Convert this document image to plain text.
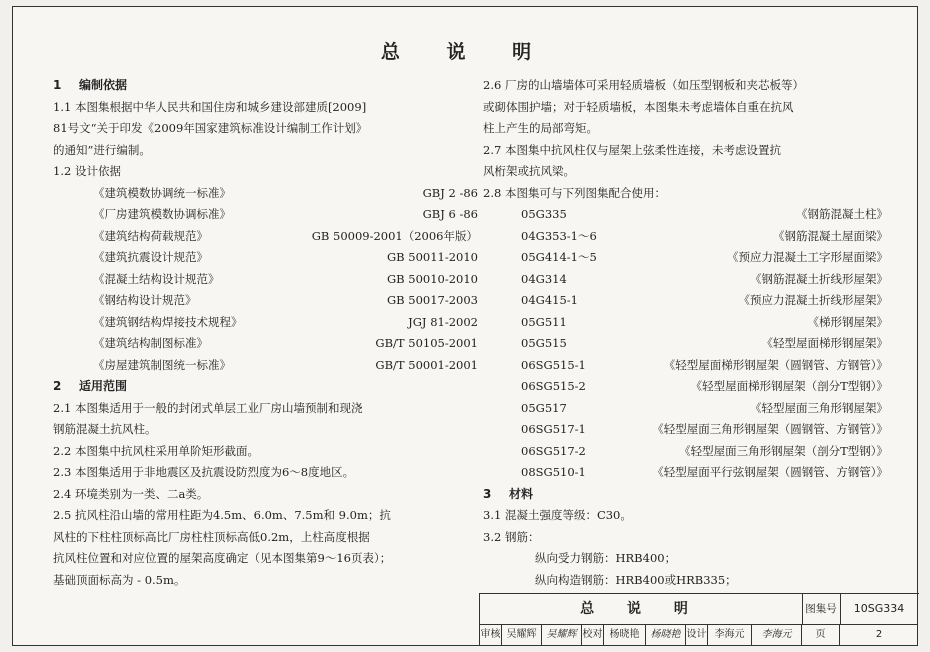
总 说 明
1 编制依据
1.1 本图集根据中华人民共和国住房和城乡建设部建质[2009]
81号文“关于印发《2009年国家建筑标准设计编制工作计划》
的通知”进行编制。
1.2 设计依据
《建筑模数协调统一标准》	GBJ 2 -86
《厂房建筑模数协调标准》	GBJ 6 -86
《建筑结构荷载规范》	GB 50009-2001（2006年版）
《建筑抗震设计规范》	GB 50011-2010
《混凝土结构设计规范》	GB 50010-2010
《钢结构设计规范》	GB 50017-2003
《建筑钢结构焊接技术规程》	JGJ 81-2002
《建筑结构制图标准》	GB/T 50105-2001
《房屋建筑制图统一标准》	GB/T 50001-2001
2 适用范围
2.1 本图集适用于一般的封闭式单层工业厂房山墙预制和现浇
钢筋混凝土抗风柱。
2.2 本图集中抗风柱采用单阶矩形截面。
2.3 本图集适用于非地震区及抗震设防烈度为6～8度地区。
2.4 环境类别为一类、二a类。
2.5 抗风柱沿山墙的常用柱距为4.5m、6.0m、7.5m和 9.0m；抗
风柱的下柱柱顶标高比厂房柱柱顶标高低0.2m，上柱高度根据
抗风柱位置和对应位置的屋架高度确定（见本图集第9～16页表）；
基础顶面标高为 - 0.5m。
2.6 厂房的山墙墙体可采用轻质墙板（如压型钢板和夹芯板等）
或砌体围护墙；对于轻质墙板，本图集未考虑墙体自重在抗风
柱上产生的局部弯矩。
2.7 本图集中抗风柱仅与屋架上弦柔性连接，未考虑设置抗
风桁架或抗风梁。
2.8 本图集可与下列图集配合使用：
05G335	《钢筋混凝土柱》
04G353-1～6	《钢筋混凝土屋面梁》
05G414-1～5	《预应力混凝土工字形屋面梁》
04G314	《钢筋混凝土折线形屋架》
04G415-1	《预应力混凝土折线形屋架》
05G511	《梯形钢屋架》
05G515	《轻型屋面梯形钢屋架》
06SG515-1	《轻型屋面梯形钢屋架（圆钢管、方钢管）》
06SG515-2	《轻型屋面梯形钢屋架（剖分T型钢）》
05G517	《轻型屋面三角形钢屋架》
06SG517-1	《轻型屋面三角形钢屋架（圆钢管、方钢管）》
06SG517-2	《轻型屋面三角形钢屋架（剖分T型钢）》
08SG510-1	《轻型屋面平行弦钢屋架（圆钢管、方钢管）》
3 材料
3.1 混凝土强度等级：C30。
3.2 钢筋：
纵向受力钢筋：HRB400；
纵向构造钢筋：HRB400或HRB335；
总 说 明	图集号	10SG334
审核 吴耀辉	吴耀辉 校对 杨晓艳	杨晓艳 设计 李海元	李海元	页	2
